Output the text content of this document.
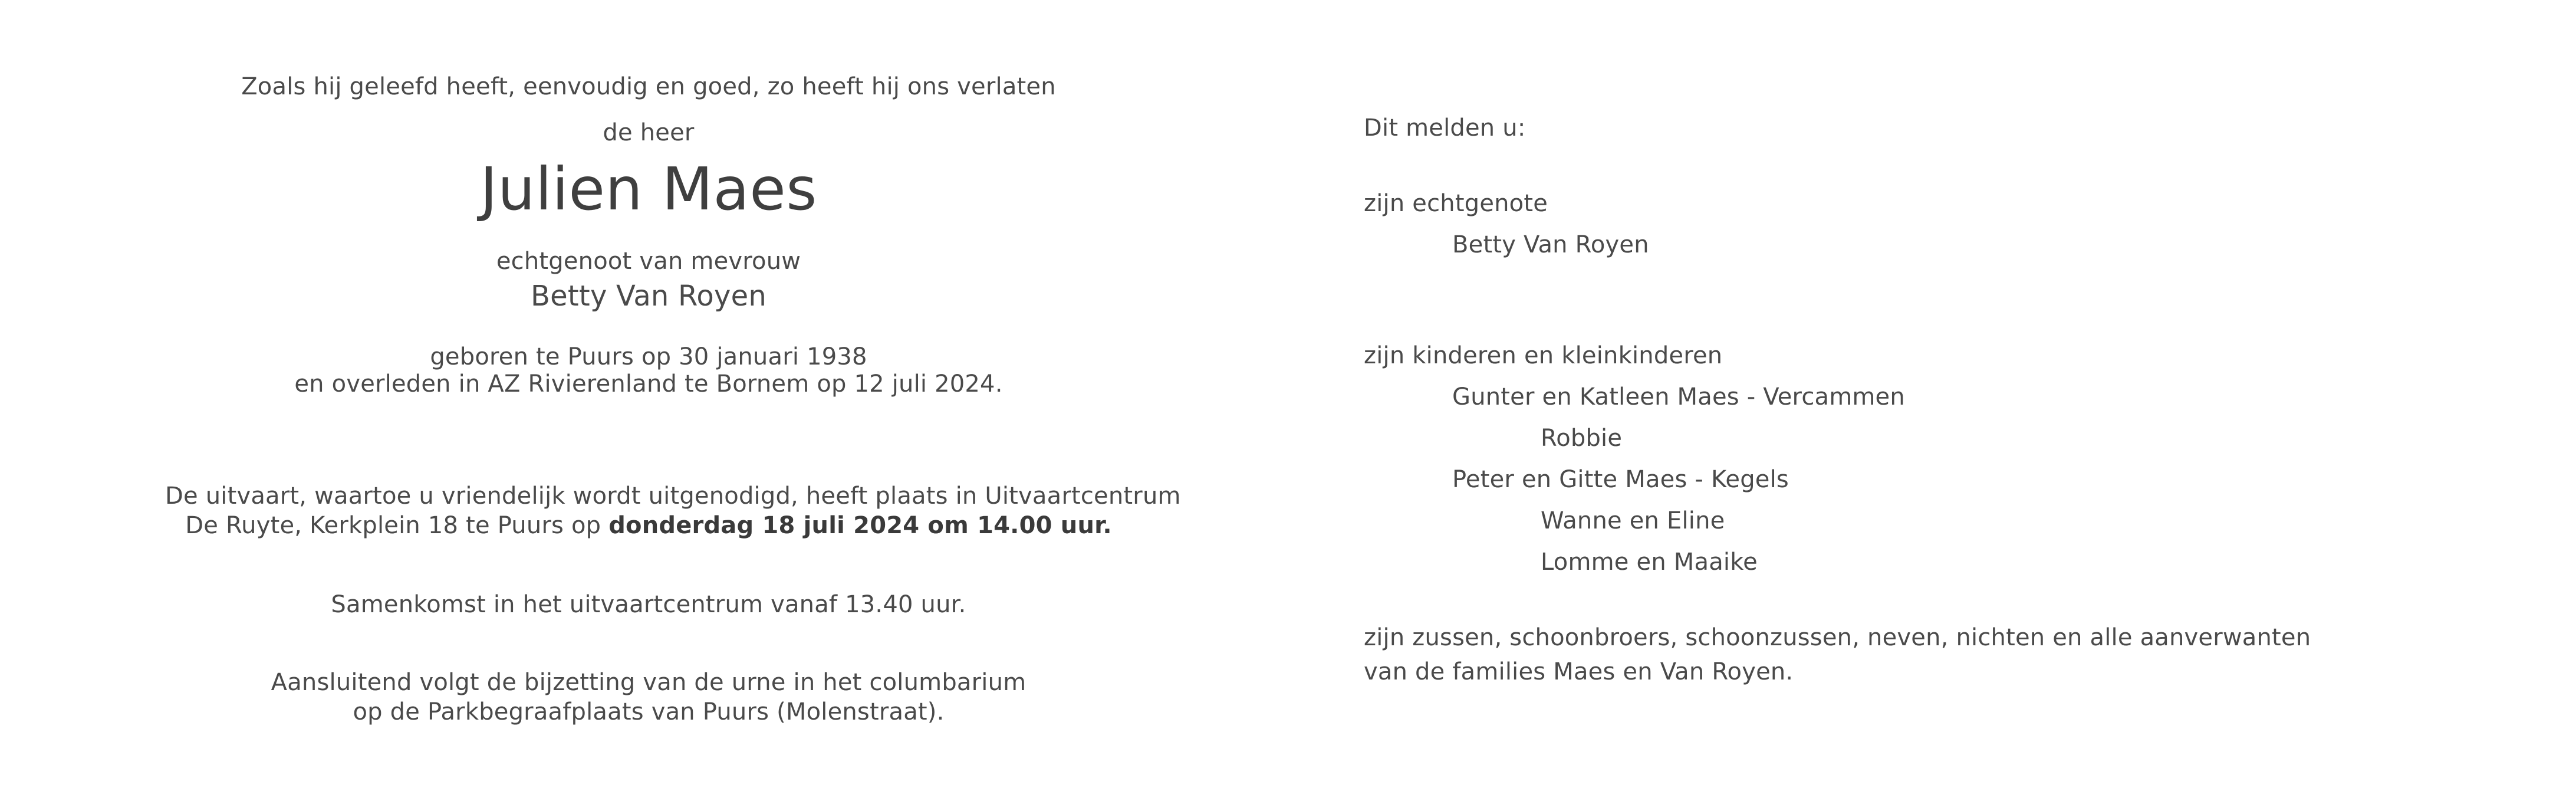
Zoals hij geleefd heeft, eenvoudig en goed, zo heeft hij ons verlaten
de heer
Julien Maes
echtgenoot van mevrouw
Betty Van Royen
geboren te Puurs op 30 januari 1938
en overleden in AZ Rivierenland te Bornem op 12 juli 2024.
De uitvaart, waartoe u vriendelijk wordt uitgenodigd, heeft plaats in Uitvaartcentrum
De Ruyte, Kerkplein 18 te Puurs op donderdag 18 juli 2024 om 14.00 uur.
Samenkomst in het uitvaartcentrum vanaf 13.40 uur.
Aansluitend volgt de bijzetting van de urne in het columbarium
op de Parkbegraafplaats van Puurs (Molenstraat).
Dit melden u:
zijn echtgenote
Betty Van Royen
zijn kinderen en kleinkinderen
Gunter en Katleen Maes - Vercammen
Robbie
Peter en Gitte Maes - Kegels
Wanne en Eline
Lomme en Maaike
zijn zussen, schoonbroers, schoonzussen, neven, nichten en alle aanverwanten
van de families Maes en Van Royen.
